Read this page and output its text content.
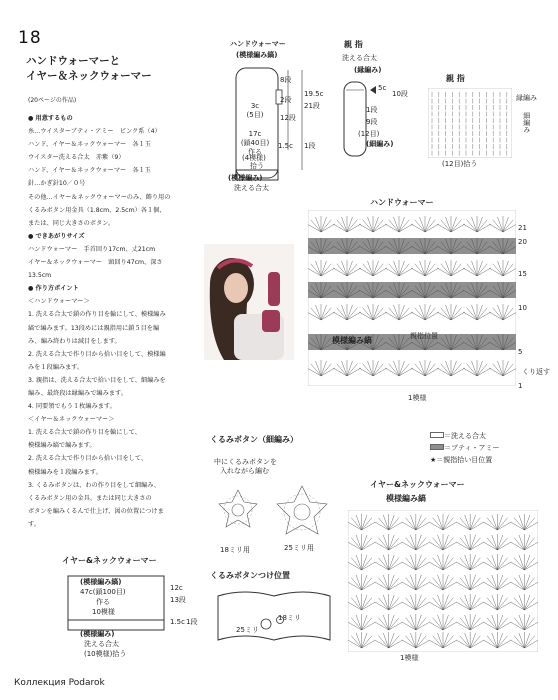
18
ハンドウォーマーと
イヤー＆ネックウォーマー
(20ページの作品)
● 用意するもの
糸…ウイスターブティ・アミー　ピンク系（4）
ハンド、イヤー＆ネックウォーマー　各１玉
ウイスター洗える合太　赤紫（9）
ハンド、イヤー＆ネックウォーマー　各１玉
針…かぎ針10／０号
その他…イヤー＆ネックウォーマーのみ、飾り用の
くるみボタン用金具（1.8cm、2.5cm）各１個、
または、同じ大きさのボタン。
● できあがりサイズ
ハンドウォーマー　手首回り17cm、丈21cm
イヤー＆ネックウォーマー　頭回り47cm、深さ
13.5cm
● 作り方ポイント
＜ハンドウォーマー＞
1. 洗える合太で鎖の作り目を輪にして、模様編み
縞で編みます。13段めには親指用に鎖５目を編
み、編み終わりは減目をします。
2. 洗える合太で作り目から拾い目をして、模様編
みを１段編みます。
3. 親指は、洗える合太で拾い目をして、細編みを
編み、最終段は縁編みで編みます。
4. 同要領でもう１枚編みます。
＜イヤー＆ネックウォーマー＞
1. 洗える合太で鎖の作り目を輪にして、
模様編み縞で編みます。
2. 洗える合太で作り目から拾い目をして、
模様編みを１段編みます。
3. くるみボタンは、わの作り目をして細編み、
くるみボタン用の金具、または同じ大きさの
ボタンを編みくるんで仕上げ、図の位置につけま
す。
ハンドウォーマー
(模様編み縞)
3c
(5目)
17c
(鎖40目)
作る
8段
2段
12段
19.5c
21段
1.5c 1段
(4模様)
拾う
(模様編み)
洗える合太
親 指
洗える合太
(縁編み)
5c
10段
1段
9段
(12目)
(細編み)
親 指
縁編み
細編み
(12目)拾う
ハンドウォーマー
模様編み縞	親指位置
くり返す
1模様
21
20
15
10
5
1
＝洗える合太
＝ブティ・アミー
★＝親指拾い目位置
くるみボタン（細編み）
中にくるみボタンを
入れながら編む
18ミリ用	25ミリ用
くるみボタンつけ位置
25ミリ
18ミリ
イヤー&ネックウォーマー
模様編み縞
1模様
イヤー&ネックウォーマー
(模様編み縞)
47c(鎖100目)
作る
10模様
12c
13段
1.5c 1段
(模様編み)
洗える合太
(10模様)拾う
Коллекция Podarok
